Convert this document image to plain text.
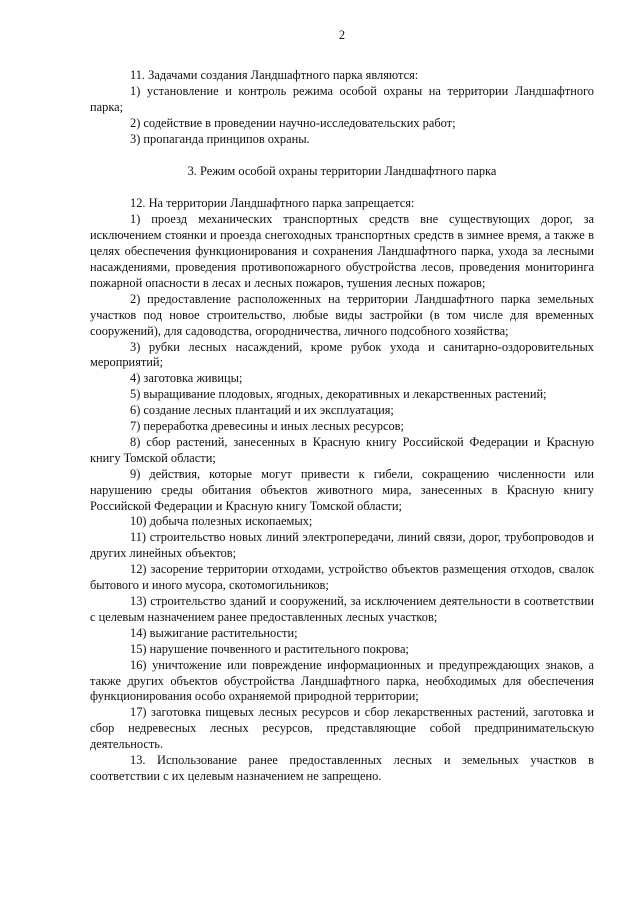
2

11. Задачами создания Ландшафтного парка являются:

1) установление и контроль режима особой охраны на территории Ландшафтного парка;

2) содействие в проведении научно-исследовательских работ;

3) пропаганда принципов охраны.

3. Режим особой охраны территории Ландшафтного парка

12. На территории Ландшафтного парка запрещается:

1) проезд механических транспортных средств вне существующих дорог, за исключением стоянки и проезда снегоходных транспортных средств в зимнее время, а также в целях обеспечения функционирования и сохранения Ландшафтного парка, ухода за лесными насаждениями, проведения противопожарного обустройства лесов, проведения мониторинга пожарной опасности в лесах и лесных пожаров, тушения лесных пожаров;

2) предоставление расположенных на территории Ландшафтного парка земельных участков под новое строительство, любые виды застройки (в том числе для временных сооружений), для садоводства, огородничества, личного подсобного хозяйства;

3) рубки лесных насаждений, кроме рубок ухода и санитарно-оздоровительных мероприятий;

4) заготовка живицы;

5) выращивание плодовых, ягодных, декоративных и лекарственных растений;

6) создание лесных плантаций и их эксплуатация;

7) переработка древесины и иных лесных ресурсов;

8) сбор растений, занесенных в Красную книгу Российской Федерации и Красную книгу Томской области;

9) действия, которые могут привести к гибели, сокращению численности или нарушению среды обитания объектов животного мира, занесенных в Красную книгу Российской Федерации и Красную книгу Томской области;

10) добыча полезных ископаемых;

11) строительство новых линий электропередачи, линий связи, дорог, трубопроводов и других линейных объектов;

12) засорение территории отходами, устройство объектов размещения отходов, свалок бытового и иного мусора, скотомогильников;

13) строительство зданий и сооружений, за исключением деятельности в соответствии с целевым назначением ранее предоставленных лесных участков;

14) выжигание растительности;

15) нарушение почвенного и растительного покрова;

16) уничтожение или повреждение информационных и предупреждающих знаков, а также других объектов обустройства Ландшафтного парка, необходимых для обеспечения функционирования особо охраняемой природной территории;

17) заготовка пищевых лесных ресурсов и сбор лекарственных растений, заготовка и сбор недревесных лесных ресурсов, представляющие собой предпринимательскую деятельность.

13. Использование ранее предоставленных лесных и земельных участков в соответствии с их целевым назначением не запрещено.
